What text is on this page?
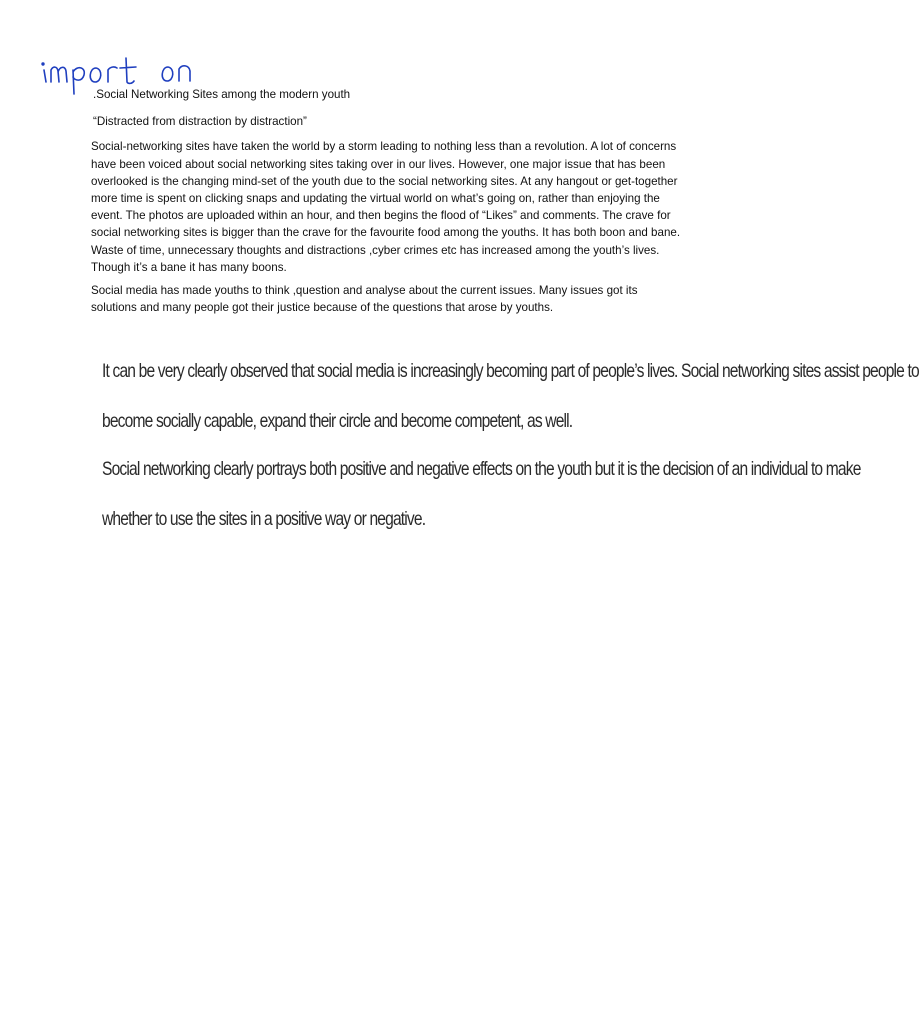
.Social Networking Sites among the modern youth

“Distracted from distraction by distraction”

Social-networking sites have taken the world by a storm leading to nothing less than a revolution. A lot of concerns have been voiced about social networking sites taking over in our lives. However, one major issue that has been overlooked is the changing mind-set of the youth due to the social networking sites. At any hangout or get-together more time is spent on clicking snaps and updating the virtual world on what’s going on, rather than enjoying the event. The photos are uploaded within an hour, and then begins the flood of “Likes” and comments. The crave for social networking sites is bigger than the crave for the favourite food among the youths. It has both boon and bane. Waste of time, unnecessary thoughts and distractions ,cyber crimes etc has increased among the youth’s lives. Though it’s a bane it has many boons.

Social media has made youths to think ,question and analyse about the current issues. Many issues got its solutions and many people got their justice because of the questions that arose by youths.

It can be very clearly observed that social media is increasingly becoming part of people’s lives. Social networking sites assist people to
become socially capable, expand their circle and become competent, as well.
Social networking clearly portrays both positive and negative effects on the youth but it is the decision of an individual to make
whether to use the sites in a positive way or negative.
